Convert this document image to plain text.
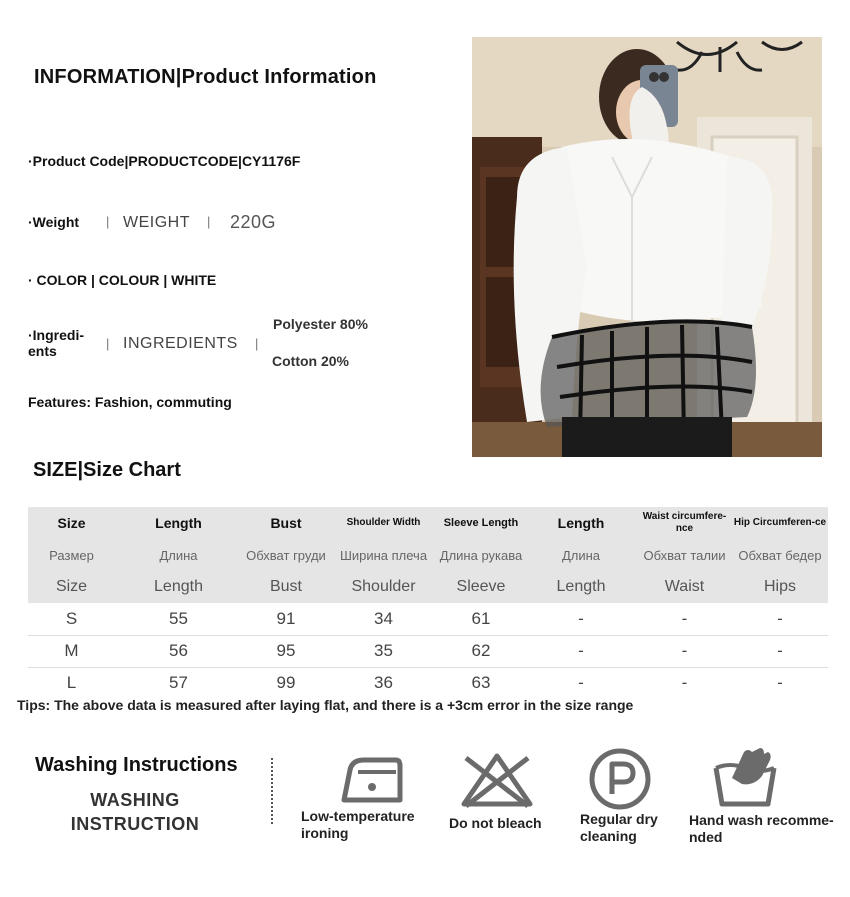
INFORMATION|Product Information
·Product Code|PRODUCTCODE|CY1176F
·Weight | WEIGHT | 220G
· COLOR | COLOUR | WHITE
·Ingredi-ents	| INGREDIENTS |
Polyester 80%
Cotton 20%
Features: Fashion, commuting
SIZE|Size Chart
Size	Length	Bust	Shoulder Width	Sleeve Length	Length	Waist circumfere-nce	Hip Circumferen-ce
Размер	Длина	Обхват груди	Ширина плеча	Длина рукава	Длина	Обхват талии	Обхват бедер
Size	Length	Bust	Shoulder	Sleeve	Length	Waist	Hips
S	55	91	34	61	-	-	-
M	56	95	35	62	-	-	-
L	57	99	36	63	-	-	-
Tips: The above data is measured after laying flat, and there is a +3cm error in the size range
Washing Instructions
WASHING
INSTRUCTION	Low-temperature
ironing
Do not bleach	Regular dry
cleaning
Hand wash recomme-
nded
